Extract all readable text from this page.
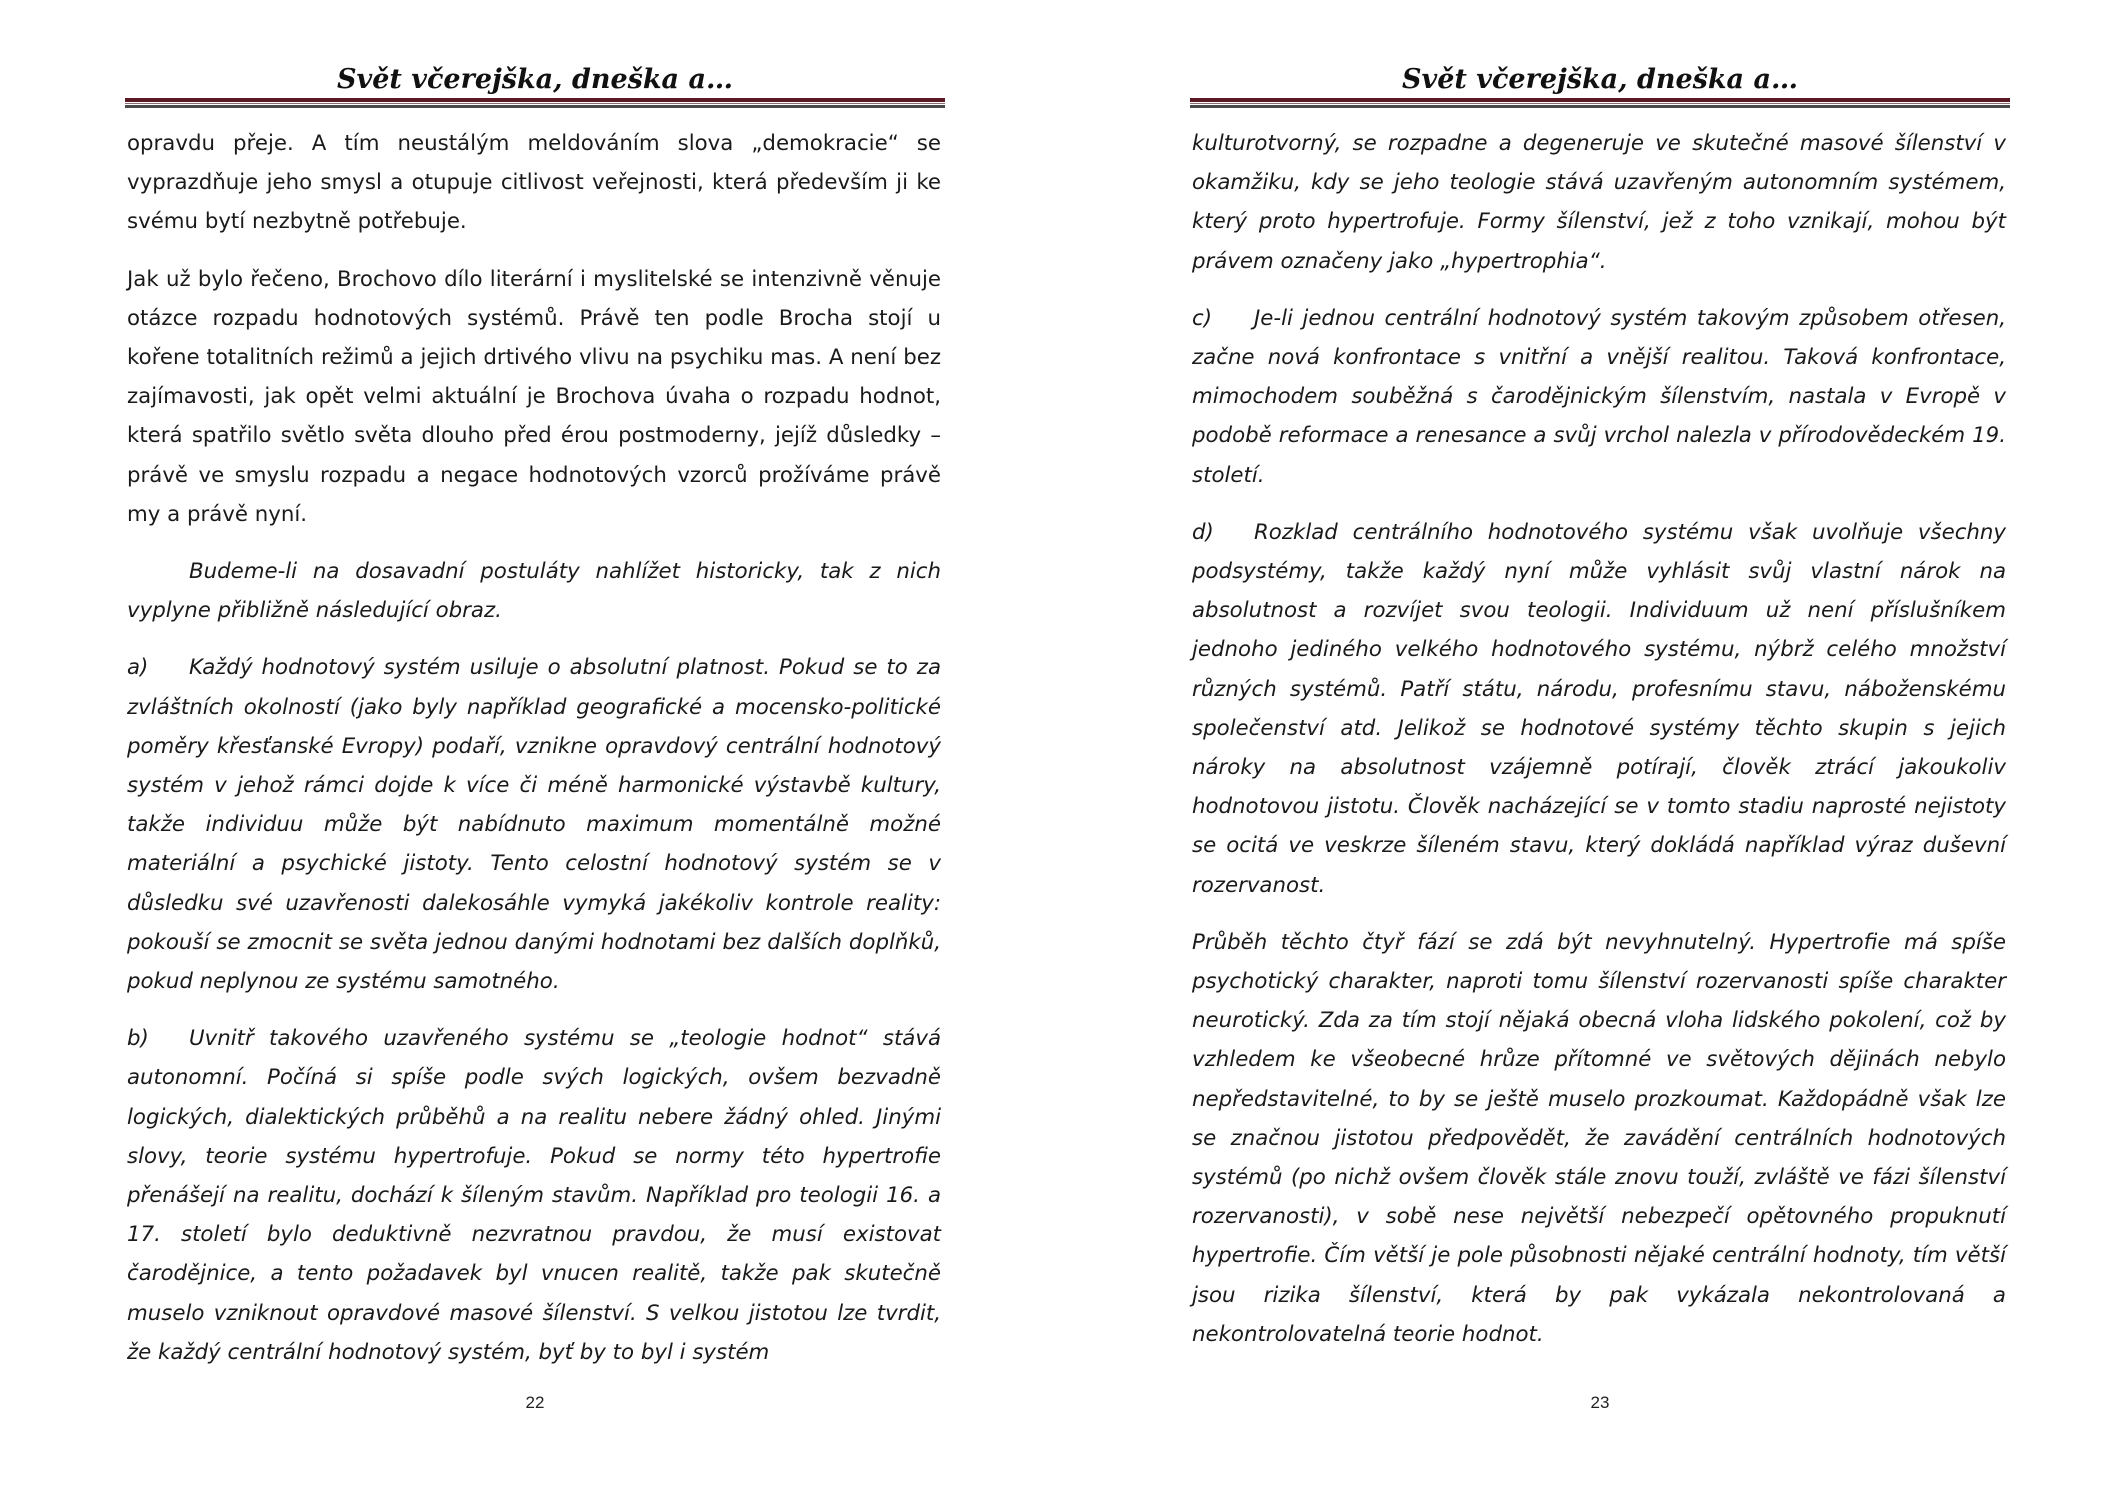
Svět včerejška, dneška a…

opravdu přeje. A tím neustálým meldováním slova „demokracie“ se vyprazdňuje jeho smysl a otupuje citlivost veřejnosti, která především ji ke svému bytí nezbytně potřebuje.

Jak už bylo řečeno, Brochovo dílo literární i myslitelské se intenzivně věnuje otázce rozpadu hodnotových systémů. Právě ten podle Brocha stojí u kořene totalitních režimů a jejich drtivého vlivu na psychiku mas. A není bez zajímavosti, jak opět velmi aktuální je Brochova úvaha o rozpadu hodnot, která spatřilo světlo světa dlouho před érou postmoderny, jejíž důsledky – právě ve smyslu rozpadu a negace hodnotových vzorců prožíváme právě my a právě nyní.

Budeme-li na dosavadní postuláty nahlížet historicky, tak z nich vyplyne přibližně následující obraz.

a) Každý hodnotový systém usiluje o absolutní platnost. Pokud se to za zvláštních okolností (jako byly například geografické a mocensko-politické poměry křesťanské Evropy) podaří, vznikne opravdový centrální hodnotový systém v jehož rámci dojde k více či méně harmonické výstavbě kultury, takže individuu může být nabídnuto maximum momentálně možné materiální a psychické jistoty. Tento celostní hodnotový systém se v důsledku své uzavřenosti dalekosáhle vymyká jakékoliv kontrole reality: pokouší se zmocnit se světa jednou danými hodnotami bez dalších doplňků, pokud neplynou ze systému samotného.

b) Uvnitř takového uzavřeného systému se „teologie hodnot“ stává autonomní. Počíná si spíše podle svých logických, ovšem bezvadně logických, dialektických průběhů a na realitu nebere žádný ohled. Jinými slovy, teorie systému hypertrofuje. Pokud se normy této hypertrofie přenášejí na realitu, dochází k šíleným stavům. Například pro teologii 16. a 17. století bylo deduktivně nezvratnou pravdou, že musí existovat čarodějnice, a tento požadavek byl vnucen realitě, takže pak skutečně muselo vzniknout opravdové masové šílenství. S velkou jistotou lze tvrdit, že každý centrální hodnotový systém, byť by to byl i systém

22
Svět včerejška, dneška a…

kulturotvorný, se rozpadne a degeneruje ve skutečné masové šílenství v okamžiku, kdy se jeho teologie stává uzavřeným autonomním systémem, který proto hypertrofuje. Formy šílenství, jež z toho vznikají, mohou být právem označeny jako „hypertrophia“.

c) Je-li jednou centrální hodnotový systém takovým způsobem otřesen, začne nová konfrontace s vnitřní a vnější realitou. Taková konfrontace, mimochodem souběžná s čarodějnickým šílenstvím, nastala v Evropě v podobě reformace a renesance a svůj vrchol nalezla v přírodovědeckém 19. století.

d) Rozklad centrálního hodnotového systému však uvolňuje všechny podsystémy, takže každý nyní může vyhlásit svůj vlastní nárok na absolutnost a rozvíjet svou teologii. Individuum už není příslušníkem jednoho jediného velkého hodnotového systému, nýbrž celého množství různých systémů. Patří státu, národu, profesnímu stavu, náboženskému společenství atd. Jelikož se hodnotové systémy těchto skupin s jejich nároky na absolutnost vzájemně potírají, člověk ztrácí jakoukoliv hodnotovou jistotu. Člověk nacházející se v tomto stadiu naprosté nejistoty se ocitá ve veskrze šíleném stavu, který dokládá například výraz duševní rozervanost.

Průběh těchto čtyř fází se zdá být nevyhnutelný. Hypertrofie má spíše psychotický charakter, naproti tomu šílenství rozervanosti spíše charakter neurotický. Zda za tím stojí nějaká obecná vloha lidského pokolení, což by vzhledem ke všeobecné hrůze přítomné ve světových dějinách nebylo nepředstavitelné, to by se ještě muselo prozkoumat. Každopádně však lze se značnou jistotou předpovědět, že zavádění centrálních hodnotových systémů (po nichž ovšem člověk stále znovu touží, zvláště ve fázi šílenství rozervanosti), v sobě nese největší nebezpečí opětovného propuknutí hypertrofie. Čím větší je pole působnosti nějaké centrální hodnoty, tím větší jsou rizika šílenství, která by pak vykázala nekontrolovaná a nekontrolovatelná teorie hodnot.

23
